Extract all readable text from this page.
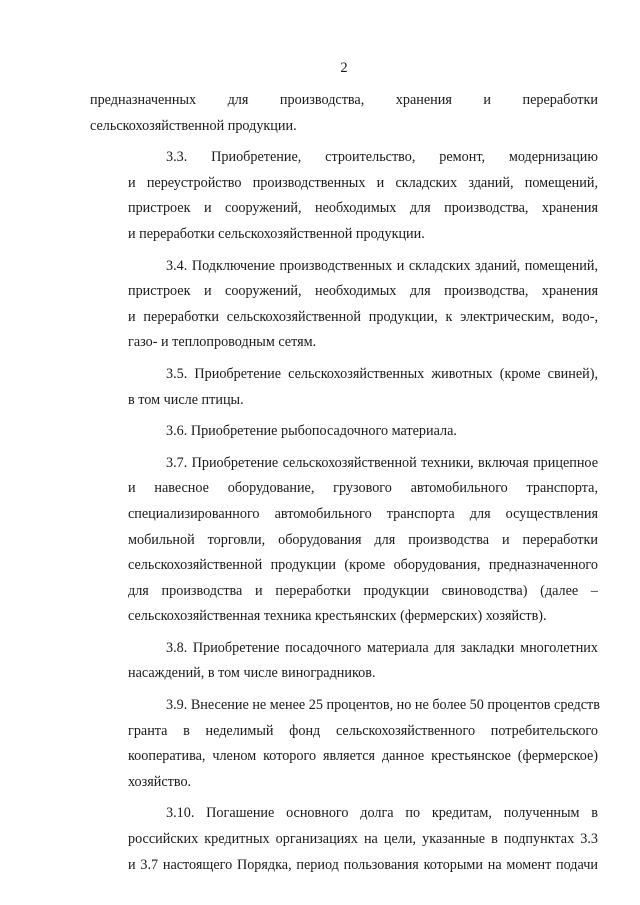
2
предназначенных для производства, хранения и переработки
сельскохозяйственной продукции.
3.3. Приобретение, строительство, ремонт, модернизацию
и переустройство производственных и складских зданий, помещений,
пристроек и сооружений, необходимых для производства, хранения
и переработки сельскохозяйственной продукции.
3.4. Подключение производственных и складских зданий, помещений,
пристроек и сооружений, необходимых для производства, хранения
и переработки сельскохозяйственной продукции, к электрическим, водо-,
газо- и теплопроводным сетям.
3.5. Приобретение сельскохозяйственных животных (кроме свиней),
в том числе птицы.
3.6. Приобретение рыбопосадочного материала.
3.7. Приобретение сельскохозяйственной техники, включая прицепное
и навесное оборудование, грузового автомобильного транспорта,
специализированного автомобильного транспорта для осуществления
мобильной торговли, оборудования для производства и переработки
сельскохозяйственной продукции (кроме оборудования, предназначенного
для производства и переработки продукции свиноводства) (далее –
сельскохозяйственная техника крестьянских (фермерских) хозяйств).
3.8. Приобретение посадочного материала для закладки многолетних
насаждений, в том числе виноградников.
3.9. Внесение не менее 25 процентов, но не более 50 процентов средств
гранта в неделимый фонд сельскохозяйственного потребительского
кооператива, членом которого является данное крестьянское (фермерское)
хозяйство.
3.10. Погашение основного долга по кредитам, полученным в
российских кредитных организациях на цели, указанные в подпунктах 3.3
и 3.7 настоящего Порядка, период пользования которыми на момент подачи
